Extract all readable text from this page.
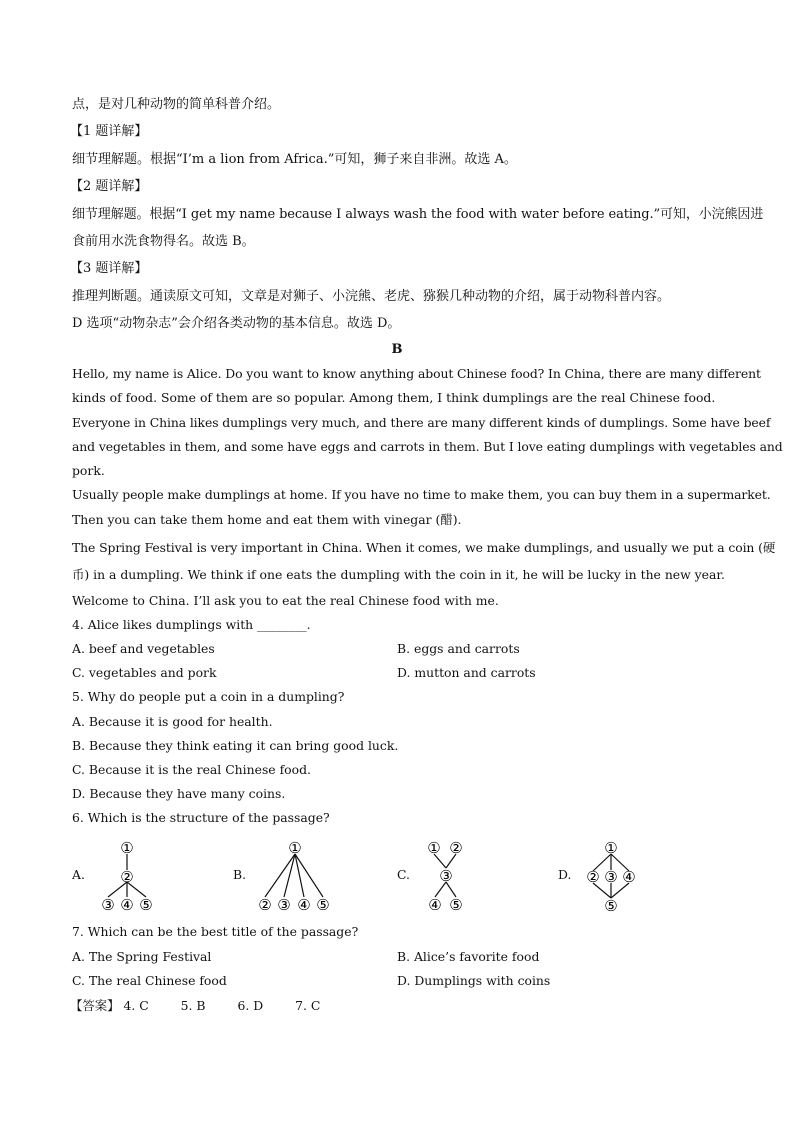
点，是对几种动物的简单科普介绍。
【1 题详解】
细节理解题。根据“I’m a lion from Africa.”可知，狮子来自非洲。故选 A。
【2 题详解】
细节理解题。根据“I get my name because I always wash the food with water before eating.”可知，小浣熊因进
食前用水洗食物得名。故选 B。
【3 题详解】
推理判断题。通读原文可知，文章是对狮子、小浣熊、老虎、猕猴几种动物的介绍，属于动物科普内容。
D 选项“动物杂志”会介绍各类动物的基本信息。故选 D。
B
Hello, my name is Alice. Do you want to know anything about Chinese food? In China, there are many different
kinds of food. Some of them are so popular. Among them, I think dumplings are the real Chinese food.
Everyone in China likes dumplings very much, and there are many different kinds of dumplings. Some have beef
and vegetables in them, and some have eggs and carrots in them. But I love eating dumplings with vegetables and
pork.
Usually people make dumplings at home. If you have no time to make them, you can buy them in a supermarket.
Then you can take them home and eat them with vinegar (醋).
The Spring Festival is very important in China. When it comes, we make dumplings, and usually we put a coin (硬
币) in a dumpling. We think if one eats the dumpling with the coin in it, he will be lucky in the new year.
Welcome to China. I’ll ask you to eat the real Chinese food with me.
4. Alice likes dumplings with ________.
A. beef and vegetables	B. eggs and carrots
C. vegetables and pork	D. mutton and carrots
5. Why do people put a coin in a dumpling?
A. Because it is good for health.
B. Because they think eating it can bring good luck.
C. Because it is the real Chinese food.
D. Because they have many coins.
6. Which is the structure of the passage?
A.	B.	C.	D.
①
②
③ ④ ⑤
①
② ③ ④ ⑤
① ②
③
④ ⑤
①
② ③ ④
⑤
7. Which can be the best title of the passage?
A. The Spring Festival	B. Alice’s favorite food
C. The real Chinese food	D. Dumplings with coins
【答案】 4. C	5. B	6. D	7. C
